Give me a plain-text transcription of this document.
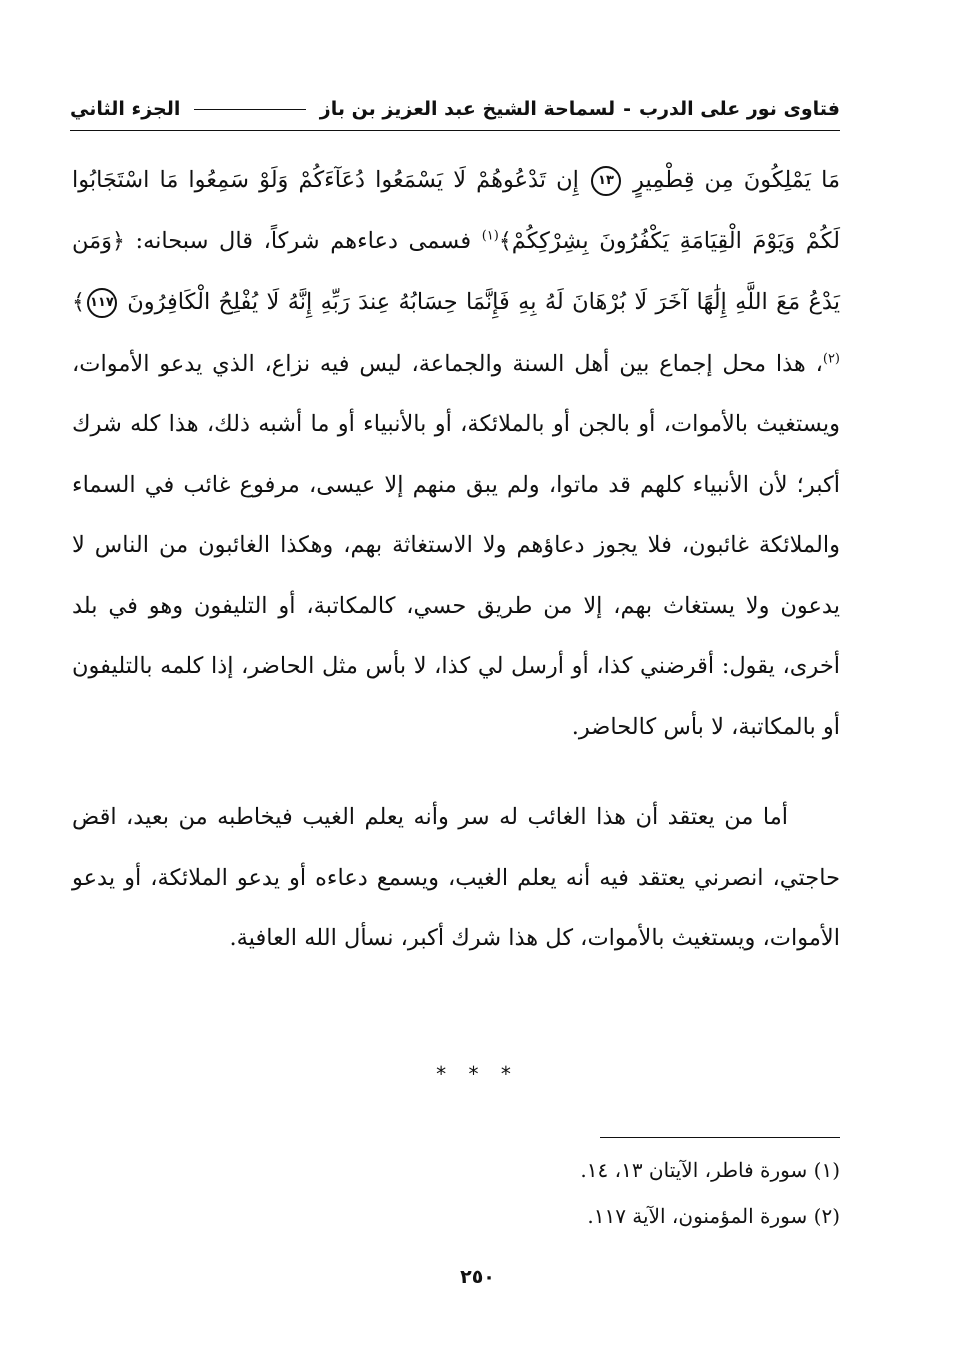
فتاوى نور على الدرب
-
لسماحة الشيخ عبد العزيز بن باز
الجزء الثاني

مَا يَمْلِكُونَ مِن قِطْمِيرٍ ١٣ إِن تَدْعُوهُمْ لَا يَسْمَعُوا دُعَآءَكُمْ وَلَوْ سَمِعُوا مَا اسْتَجَابُوا لَكُمْ وَيَوْمَ الْقِيَامَةِ يَكْفُرُونَ بِشِرْكِكُمْ﴾$^{(١)}$ فسمى دعاءهم شركاً، قال سبحانه: ﴿وَمَن يَدْعُ مَعَ اللَّهِ إِلَٰهًا آخَرَ لَا بُرْهَانَ لَهُ بِهِ فَإِنَّمَا حِسَابُهُ عِندَ رَبِّهِ إِنَّهُ لَا يُفْلِحُ الْكَافِرُونَ ١١٧﴾$^{(٢)}$، هذا محل إجماع بين أهل السنة والجماعة، ليس فيه نزاع، الذي يدعو الأموات، ويستغيث بالأموات، أو بالجن أو بالملائكة، أو بالأنبياء أو ما أشبه ذلك، هذا كله شرك أكبر؛ لأن الأنبياء كلهم قد ماتوا، ولم يبق منهم إلا عيسى، مرفوع غائب في السماء والملائكة غائبون، فلا يجوز دعاؤهم ولا الاستغاثة بهم، وهكذا الغائبون من الناس لا يدعون ولا يستغاث بهم، إلا من طريق حسي، كالمكاتبة، أو التليفون وهو في بلد أخرى، يقول: أقرضني كذا، أو أرسل لي كذا، لا بأس مثل الحاضر، إذا كلمه بالتليفون أو بالمكاتبة، لا بأس كالحاضر.

أما من يعتقد أن هذا الغائب له سر وأنه يعلم الغيب فيخاطبه من بعيد، اقض حاجتي، انصرني يعتقد فيه أنه يعلم الغيب، ويسمع دعاءه أو يدعو الملائكة، أو يدعو الأموات، ويستغيث بالأموات، كل هذا شرك أكبر، نسأل الله العافية.

* * *
(١) سورة فاطر، الآيتان ١٣، ١٤.
(٢) سورة المؤمنون، الآية ١١٧.
٢٥٠
